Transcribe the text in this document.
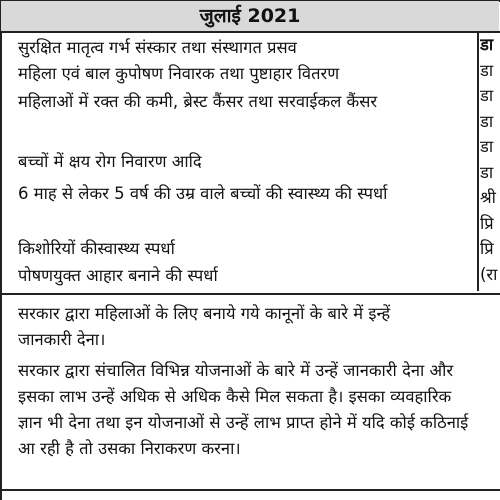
जुलाई 2021

सुरक्षित मातृत्व गर्भ संस्कार तथा संस्थागत प्रसव

महिला एवं बाल कुपोषण निवारक तथा पुष्टाहार वितरण

महिलाओं में रक्त की कमी, ब्रेस्ट कैंसर तथा सरवाईकल कैंसर

बच्चों में क्षय रोग निवारण आदि

6 माह से लेकर 5 वर्ष की उम्र वाले बच्चों की स्वास्थ्य की स्पर्धा

किशोरियों कीस्वास्थ्य स्पर्धा

पोषणयुक्त आहार बनाने की स्पर्धा

डा

डा

डा

डा

डा

डा

श्री

प्रि

प्रि

(रा

सरकार द्वारा महिलाओं के लिए बनाये गये कानूनों के बारे में इन्हें जानकारी देना।

सरकार द्वारा संचालित विभिन्न योजनाओं के बारे में उन्हें जानकारी देना और इसका लाभ उन्हें अधिक से अधिक कैसे मिल सकता है। इसका व्यवहारिक ज्ञान भी देना तथा इन योजनाओं से उन्हें लाभ प्राप्त होने में यदि कोई कठिनाई आ रही है तो उसका निराकरण करना।
